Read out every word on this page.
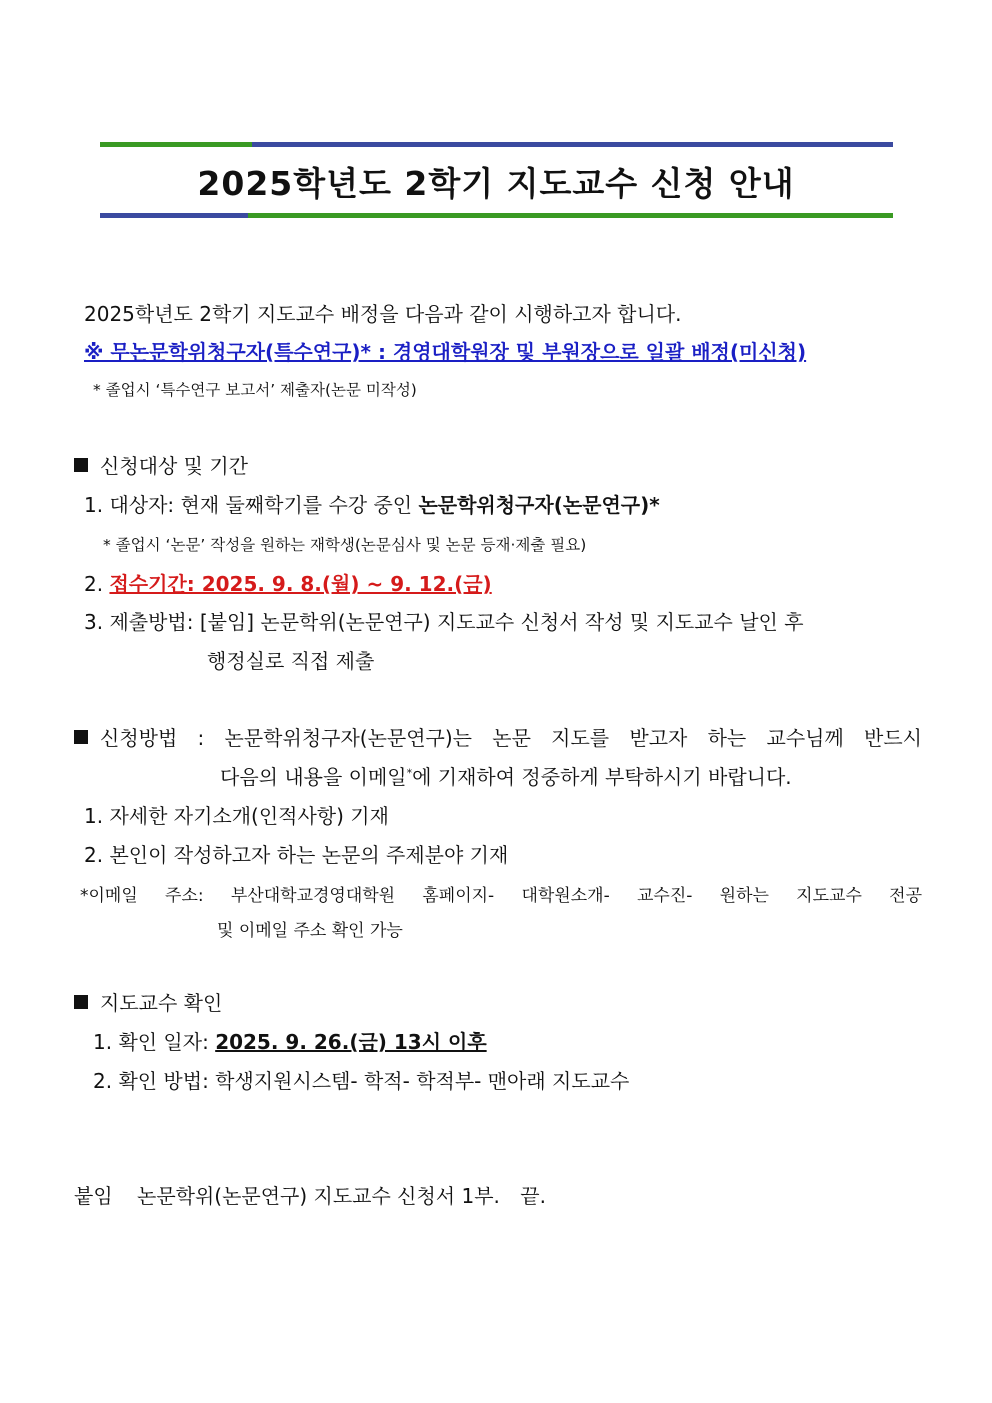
2025학년도 2학기 지도교수 신청 안내
2025학년도 2학기 지도교수 배정을 다음과 같이 시행하고자 합니다.
※ 무논문학위청구자(특수연구)* : 경영대학원장 및 부원장으로 일괄 배정(미신청)
* 졸업시 ‘특수연구 보고서’ 제출자(논문 미작성)
신청대상 및 기간
1. 대상자: 현재 둘째학기를 수강 중인 논문학위청구자(논문연구)*
* 졸업시 ‘논문’ 작성을 원하는 재학생(논문심사 및 논문 등재·제출 필요)
2. 접수기간: 2025. 9. 8.(월) ~ 9. 12.(금)
3. 제출방법: [붙임] 논문학위(논문연구) 지도교수 신청서 작성 및 지도교수 날인 후
행정실로 직접 제출
신청방법 : 논문학위청구자(논문연구)는 논문 지도를 받고자 하는 교수님께 반드시
다음의 내용을 이메일*에 기재하여 정중하게 부탁하시기 바랍니다.
1. 자세한 자기소개(인적사항) 기재
2. 본인이 작성하고자 하는 논문의 주제분야 기재
*이메일 주소: 부산대학교경영대학원 홈페이지- 대학원소개- 교수진- 원하는 지도교수 전공
및 이메일 주소 확인 가능
지도교수 확인
1. 확인 일자: 2025. 9. 26.(금) 13시 이후
2. 확인 방법: 학생지원시스템- 학적- 학적부- 맨아래 지도교수
붙임 논문학위(논문연구) 지도교수 신청서 1부. 끝.
